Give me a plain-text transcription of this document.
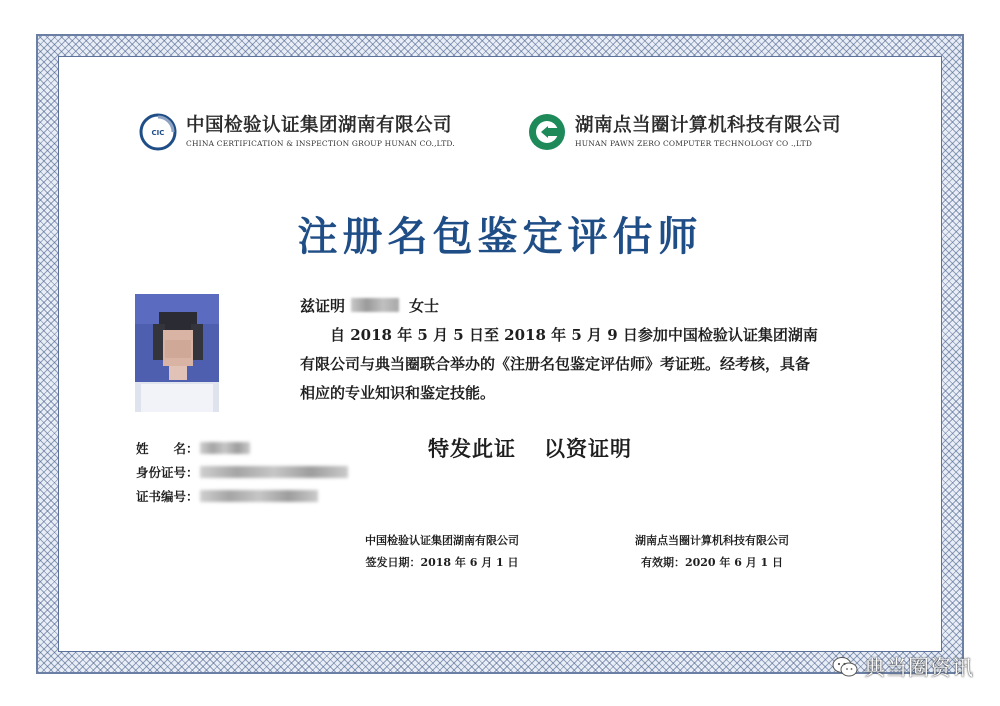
CIC 中国检验认证集团湖南有限公司
CHINA CERTIFICATION & INSPECTION GROUP HUNAN CO.,LTD.
湖南点当圈计算机科技有限公司
HUNAN PAWN ZERO COMPUTER TECHNOLOGY CO .,LTD
注册名包鉴定评估师
兹证明	女士
自 2018 年 5 月 5 日至 2018 年 5 月 9 日参加中国检验认证集团湖南
有限公司与典当圈联合举办的《注册名包鉴定评估师》考证班。经考核，具备
相应的专业知识和鉴定技能。
姓　　名：
身份证号：
证书编号：
特发此证 以资证明
中国检验认证集团湖南有限公司
签发日期：2018 年 6 月 1 日
湖南点当圈计算机科技有限公司
有效期：2020 年 6 月 1 日
典当圈资讯
